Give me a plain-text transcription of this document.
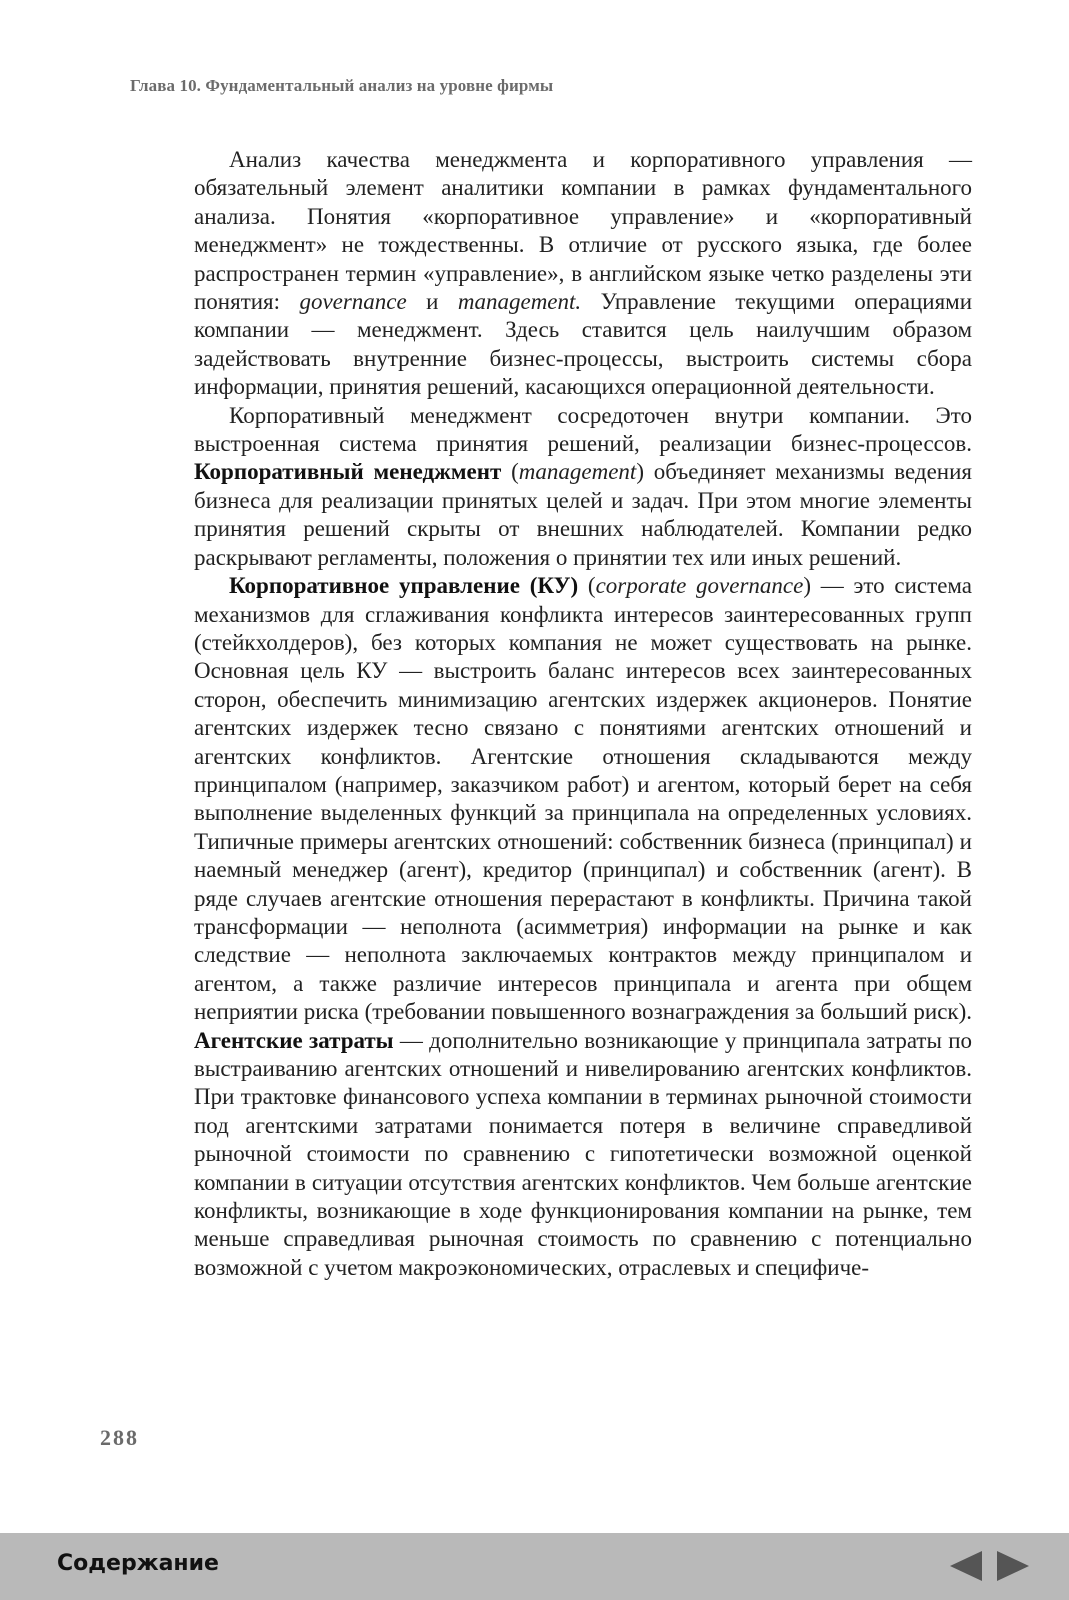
Глава 10. Фундаментальный анализ на уровне фирмы

Анализ качества менеджмента и корпоративного управления — обязательный элемент аналитики компании в рамках фундаментального анализа. Понятия «корпоративное управление» и «корпоративный менеджмент» не тождественны. В отличие от русского языка, где более распространен термин «управление», в английском языке четко разделены эти понятия: governance и management. Управление текущими операциями компании — менеджмент. Здесь ставится цель наилучшим образом задействовать внутренние бизнес-процессы, выстроить системы сбора информации, принятия решений, касающихся операционной деятельности.

Корпоративный менеджмент сосредоточен внутри компании. Это выстроенная система принятия решений, реализации бизнес-процессов. Корпоративный менеджмент (management) объединяет механизмы ведения бизнеса для реализации принятых целей и задач. При этом многие элементы принятия решений скрыты от внешних наблюдателей. Компании редко раскрывают регламенты, положения о принятии тех или иных решений.

Корпоративное управление (КУ) (corporate governance) — это система механизмов для сглаживания конфликта интересов заинтересованных групп (стейкхолдеров), без которых компания не может существовать на рынке. Основная цель КУ — выстроить баланс интересов всех заинтересованных сторон, обеспечить минимизацию агентских издержек акционеров. Понятие агентских издержек тесно связано с понятиями агентских отношений и агентских конфликтов. Агентские отношения складываются между принципалом (например, заказчиком работ) и агентом, который берет на себя выполнение выделенных функций за принципала на определенных условиях. Типичные примеры агентских отношений: собственник бизнеса (принципал) и наемный менеджер (агент), кредитор (принципал) и собственник (агент). В ряде случаев агентские отношения перерастают в конфликты. Причина такой трансформации — неполнота (асимметрия) информации на рынке и как следствие — неполнота заключаемых контрактов между принципалом и агентом, а также различие интересов принципала и агента при общем неприятии риска (требовании повышенного вознаграждения за больший риск). Агентские затраты — дополнительно возникающие у принципала затраты по выстраиванию агентских отношений и нивелированию агентских конфликтов. При трактовке финансового успеха компании в терминах рыночной стоимости под агентскими затратами понимается потеря в величине справедливой рыночной стоимости по сравнению с гипотетически возможной оценкой компании в ситуации отсутствия агентских конфликтов. Чем больше агентские конфликты, возникающие в ходе функционирования компании на рынке, тем меньше справедливая рыночная стоимость по сравнению с потенциально возможной с учетом макроэкономических, отраслевых и специфиче-

288
Содержание
